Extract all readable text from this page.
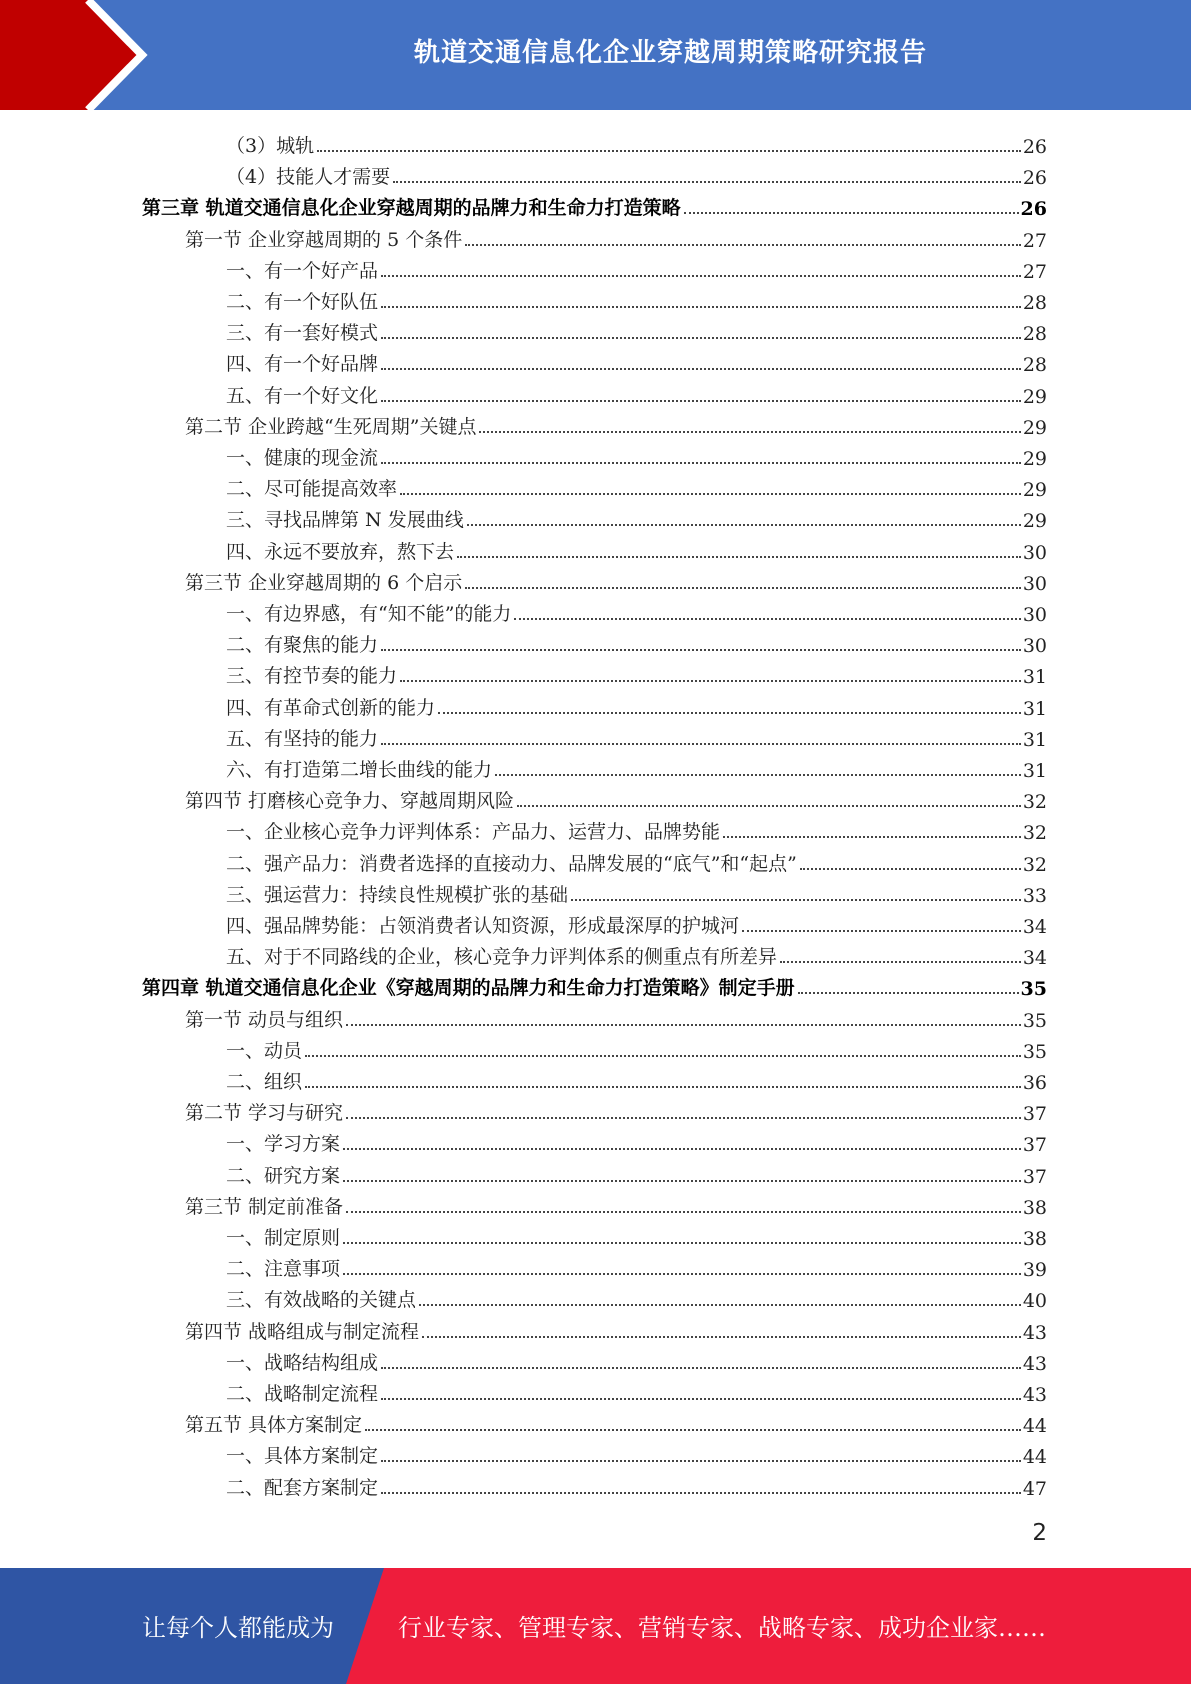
轨道交通信息化企业穿越周期策略研究报告
（3）城轨	26
（4）技能人才需要	26
第三章 轨道交通信息化企业穿越周期的品牌力和生命力打造策略	26
第一节 企业穿越周期的 5 个条件	27
一、有一个好产品	27
二、有一个好队伍	28
三、有一套好模式	28
四、有一个好品牌	28
五、有一个好文化	29
第二节 企业跨越“生死周期”关键点	29
一、健康的现金流	29
二、尽可能提高效率	29
三、寻找品牌第 N 发展曲线	29
四、永远不要放弃，熬下去	30
第三节 企业穿越周期的 6 个启示	30
一、有边界感，有“知不能”的能力	30
二、有聚焦的能力	30
三、有控节奏的能力	31
四、有革命式创新的能力	31
五、有坚持的能力	31
六、有打造第二增长曲线的能力	31
第四节 打磨核心竞争力、穿越周期风险	32
一、企业核心竞争力评判体系：产品力、运营力、品牌势能	32
二、强产品力：消费者选择的直接动力、品牌发展的“底气”和“起点”	32
三、强运营力：持续良性规模扩张的基础	33
四、强品牌势能：占领消费者认知资源，形成最深厚的护城河	34
五、对于不同路线的企业，核心竞争力评判体系的侧重点有所差异	34
第四章 轨道交通信息化企业《穿越周期的品牌力和生命力打造策略》制定手册	35
第一节 动员与组织	35
一、动员	35
二、组织	36
第二节 学习与研究	37
一、学习方案	37
二、研究方案	37
第三节 制定前准备	38
一、制定原则	38
二、注意事项	39
三、有效战略的关键点	40
第四节 战略组成与制定流程	43
一、战略结构组成	43
二、战略制定流程	43
第五节 具体方案制定	44
一、具体方案制定	44
二、配套方案制定	47
2
让每个人都能成为	行业专家、管理专家、营销专家、战略专家、成功企业家……
